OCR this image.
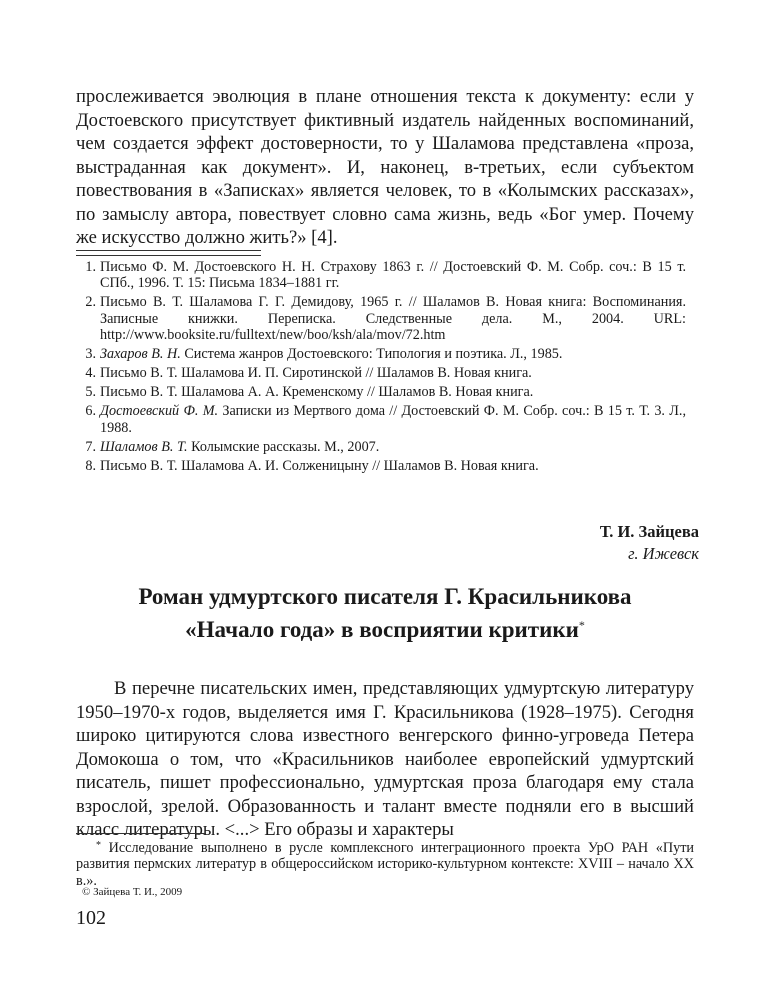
прослеживается эволюция в плане отношения текста к документу: если у Достоевского присутствует фиктивный издатель найденных воспоминаний, чем создается эффект достоверности, то у Шаламова представлена «проза, выстраданная как документ». И, наконец, в-третьих, если субъектом повествования в «Записках» является человек, то в «Колымских рассказах», по замыслу автора, повествует словно сама жизнь, ведь «Бог умер. Почему же искусство должно жить?» [4].

1. Письмо Ф. М. Достоевского Н. Н. Страхову 1863 г. // Достоевский Ф. М. Собр. соч.: В 15 т. СПб., 1996. Т. 15: Письма 1834–1881 гг.
2. Письмо В. Т. Шаламова Г. Г. Демидову, 1965 г. // Шаламов В. Новая книга: Воспоминания. Записные книжки. Переписка. Следственные дела. М., 2004. URL: http://www.booksite.ru/fulltext/new/boo/ksh/ala/mov/72.htm
3. Захаров В. Н. Система жанров Достоевского: Типология и поэтика. Л., 1985.
4. Письмо В. Т. Шаламова И. П. Сиротинской // Шаламов В. Новая книга.
5. Письмо В. Т. Шаламова А. А. Кременскому // Шаламов В. Новая книга.
6. Достоевский Ф. М. Записки из Мертвого дома // Достоевский Ф. М. Собр. соч.: В 15 т. Т. 3. Л., 1988.
7. Шаламов В. Т. Колымские рассказы. М., 2007.
8. Письмо В. Т. Шаламова А. И. Солженицыну // Шаламов В. Новая книга.
Т. И. Зайцева
г. Ижевск
Роман удмуртского писателя Г. Красильникова
«Начало года» в восприятии критики*

В перечне писательских имен, представляющих удмуртскую литературу 1950–1970-х годов, выделяется имя Г. Красильникова (1928–1975). Сегодня широко цитируются слова известного венгерского финно-угроведа Петера Домокоша о том, что «Красильников наиболее европейский удмуртский писатель, пишет профессионально, удмуртская проза благодаря ему стала взрослой, зрелой. Образованность и талант вместе подняли его в высший класс литературы. <...> Его образы и характеры

* Исследование выполнено в русле комплексного интеграционного проекта УрО РАН «Пути развития пермских литератур в общероссийском историко-культурном контексте: XVIII – начало XX в.».

© Зайцева Т. И., 2009
102
